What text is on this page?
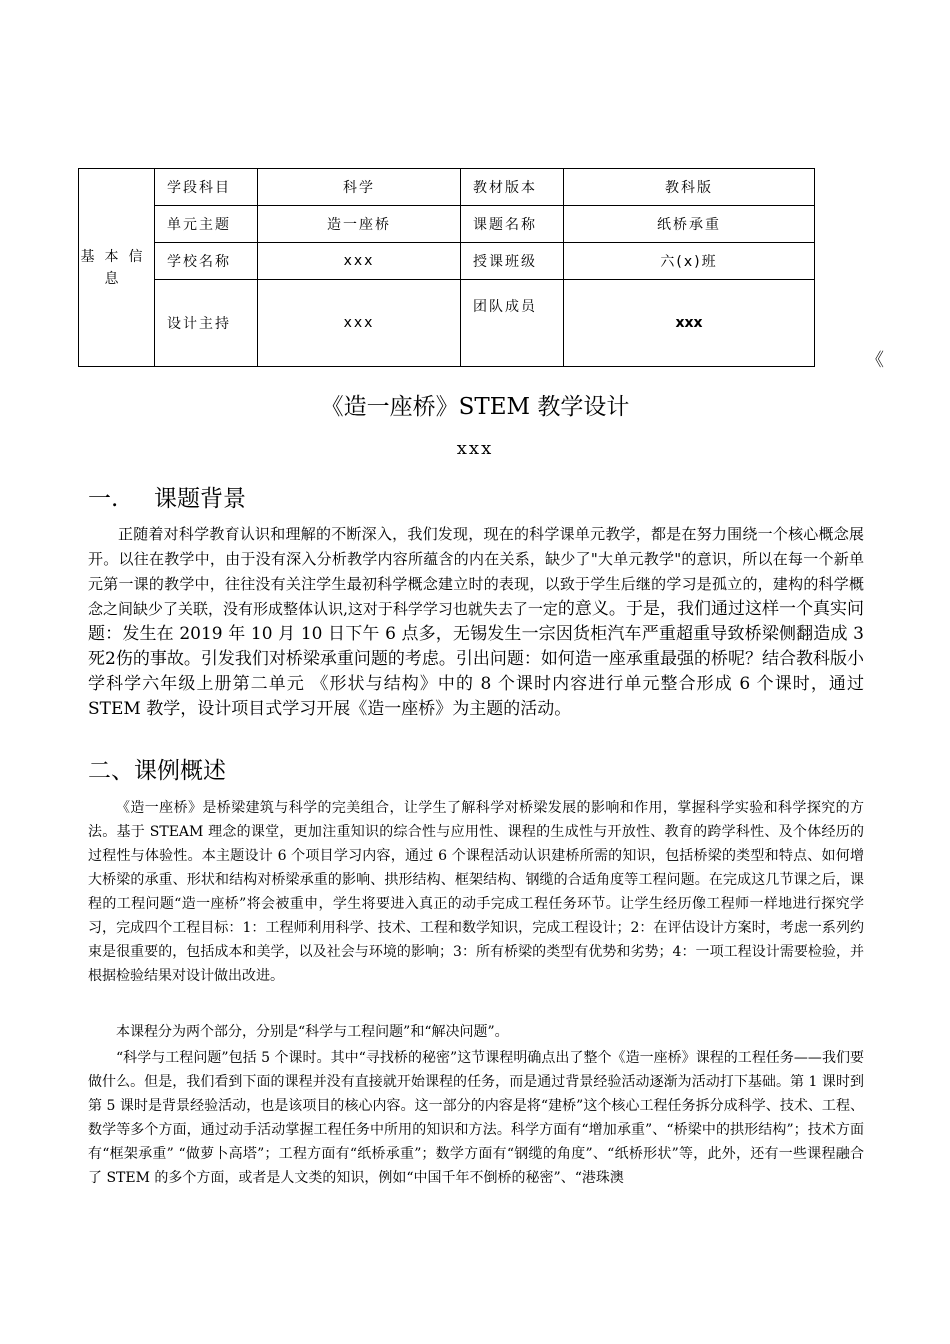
基本信息	学段科目	科学	教材版本	教科版
	单元主题	造一座桥	课题名称	纸桥承重
	学校名称	xxx	授课班级	六(x)班
	设计主持	xxx	团队成员	xxx
《
《造一座桥》STEM 教学设计
xxx
一. 课题背景

正随着对科学教育认识和理解的不断深入，我们发现，现在的科学课单元教学，都是在努力围绕一个核心概念展开。以往在教学中，由于没有深入分析教学内容所蕴含的内在关系，缺少了"大单元教学"的意识，所以在每一个新单元第一课的教学中，往往没有关注学生最初科学概念建立时的表现，以致于学生后继的学习是孤立的，建构的科学概念之间缺少了关联，没有形成整体认识,这对于科学学习也就失去了一定的意义。于是，我们通过这样一个真实问题：发生在 2019 年 10 月 10 日下午 6 点多，无锡发生一宗因货柜汽车严重超重导致桥梁侧翻造成 3死2伤的事故。引发我们对桥梁承重问题的考虑。引出问题：如何造一座承重最强的桥呢？结合教科版小学科学六年级上册第二单元 《形状与结构》中的 8 个课时内容进行单元整合形成 6 个课时，通过 STEM 教学，设计项目式学习开展《造一座桥》为主题的活动。

二、课例概述

《造一座桥》是桥梁建筑与科学的完美组合，让学生了解科学对桥梁发展的影响和作用，掌握科学实验和科学探究的方法。基于 STEAM 理念的课堂，更加注重知识的综合性与应用性、课程的生成性与开放性、教育的跨学科性、及个体经历的过程性与体验性。本主题设计 6 个项目学习内容，通过 6 个课程活动认识建桥所需的知识，包括桥梁的类型和特点、如何增大桥梁的承重、形状和结构对桥梁承重的影响、拱形结构、框架结构、钢缆的合适角度等工程问题。在完成这几节课之后，课程的工程问题“造一座桥”将会被重申，学生将要进入真正的动手完成工程任务环节。让学生经历像工程师一样地进行探究学习，完成四个工程目标：1：工程师利用科学、技术、工程和数学知识，完成工程设计；2：在评估设计方案时，考虑一系列约束是很重要的，包括成本和美学，以及社会与环境的影响；3：所有桥梁的类型有优势和劣势；4：一项工程设计需要检验，并根据检验结果对设计做出改进。

本课程分为两个部分，分别是“科学与工程问题”和“解决问题”。

“科学与工程问题”包括 5 个课时。其中“寻找桥的秘密”这节课程明确点出了整个《造一座桥》课程的工程任务——我们要做什么。但是，我们看到下面的课程并没有直接就开始课程的任务，而是通过背景经验活动逐渐为活动打下基础。第 1 课时到第 5 课时是背景经验活动，也是该项目的核心内容。这一部分的内容是将“建桥”这个核心工程任务拆分成科学、技术、工程、数学等多个方面，通过动手活动掌握工程任务中所用的知识和方法。科学方面有“增加承重”、“桥梁中的拱形结构”；技术方面有“框架承重” “做萝卜高塔”；工程方面有“纸桥承重”；数学方面有“钢缆的角度”、“纸桥形状”等，此外，还有一些课程融合了 STEM 的多个方面，或者是人文类的知识，例如“中国千年不倒桥的秘密”、“港珠澳
